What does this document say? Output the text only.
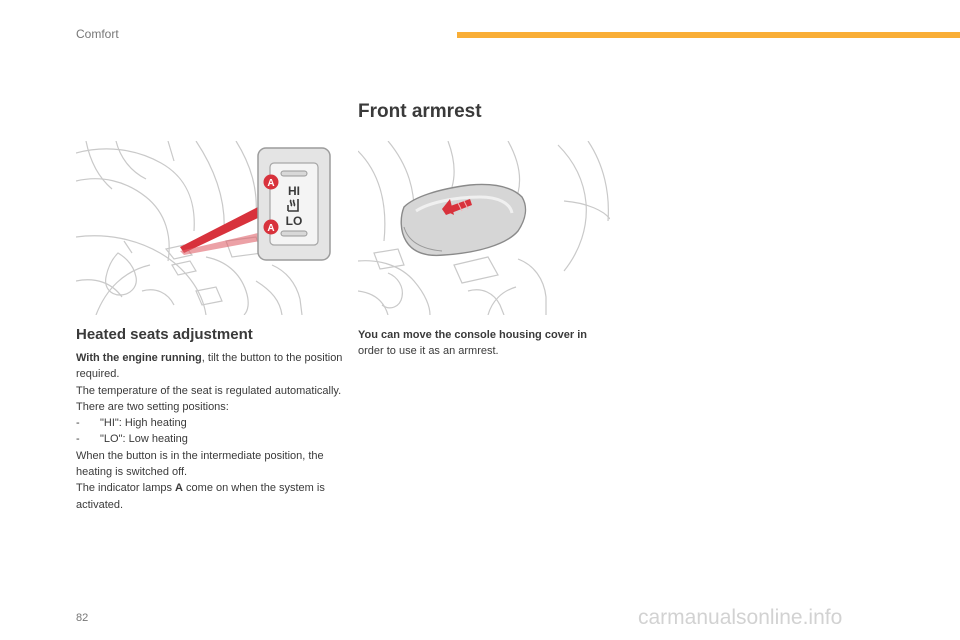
Comfort
Front armrest
HI
LO
A
A
Heated seats adjustment

With the engine running, tilt the button to the position required.

The temperature of the seat is regulated automatically.

There are two setting positions:

-	"HI": High heating
-	"LO": Low heating

When the button is in the intermediate position, the heating is switched off.

The indicator lamps A come on when the system is activated.

You can move the console housing cover in

order to use it as an armrest.

82	carmanualsonline.info
